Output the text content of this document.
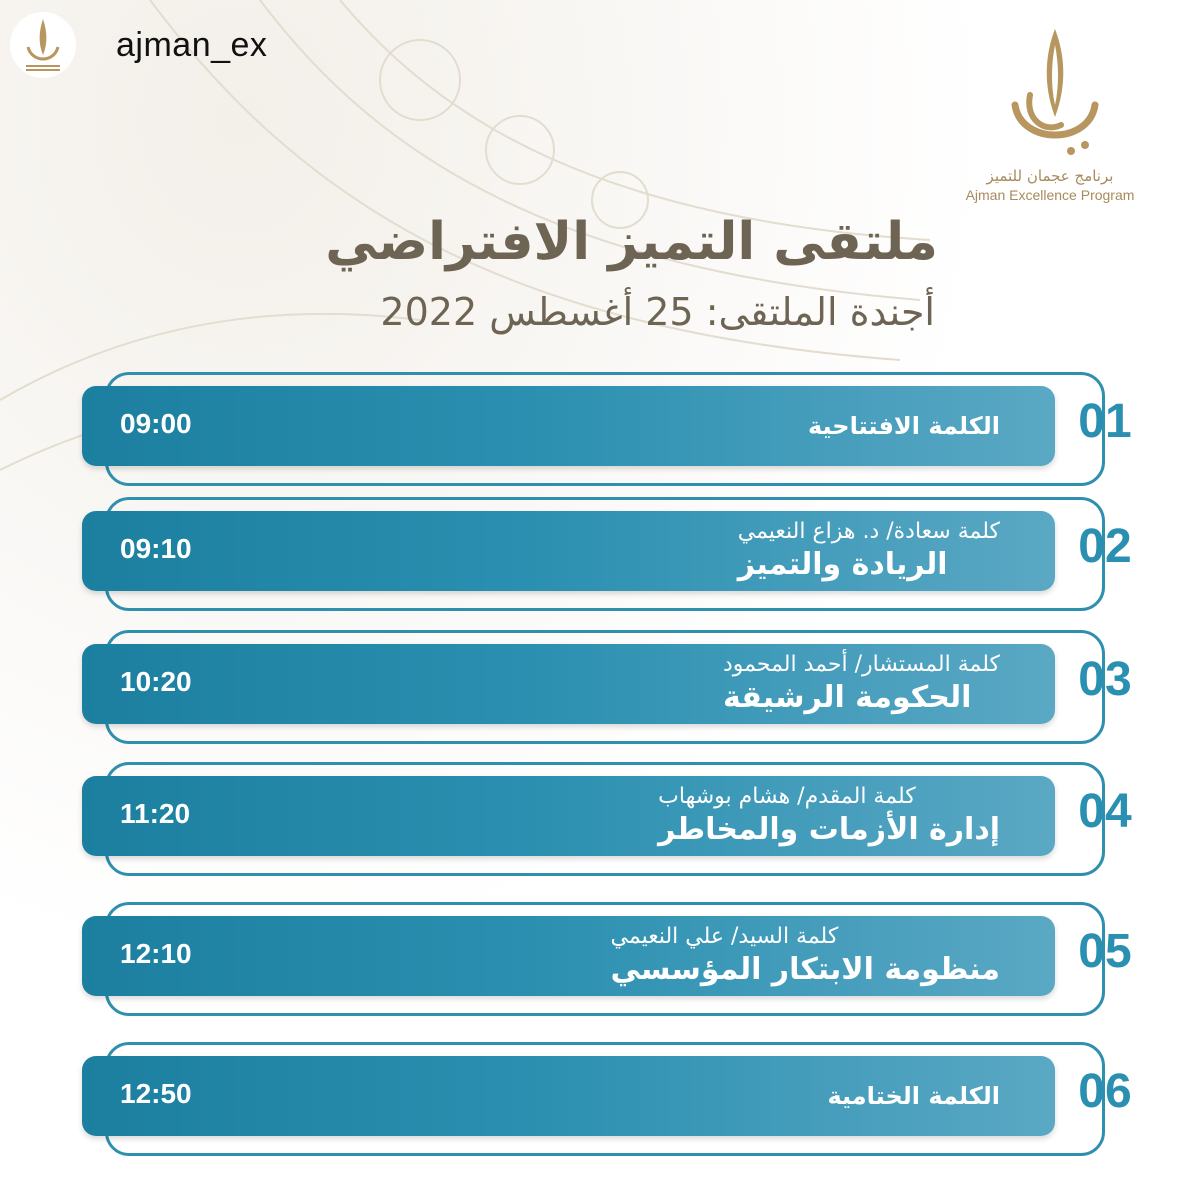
ajman_ex
برنامج عجمان للتميز
Ajman Excellence Program
ملتقى التميز الافتراضي
أجندة الملتقى: 25 أغسطس 2022
09:00	الكلمة الافتتاحية 01
09:10
كلمة سعادة/ د. هزاع النعيمي
الريادة والتميز	02
10:20
كلمة المستشار/ أحمد المحمود
الحكومة الرشيقة 03
11:20
كلمة المقدم/ هشام بوشهاب
إدارة الأزمات والمخاطر 04
12:10
كلمة السيد/ علي النعيمي
منظومة الابتكار المؤسسي 05
12:50	الكلمة الختامية 06
